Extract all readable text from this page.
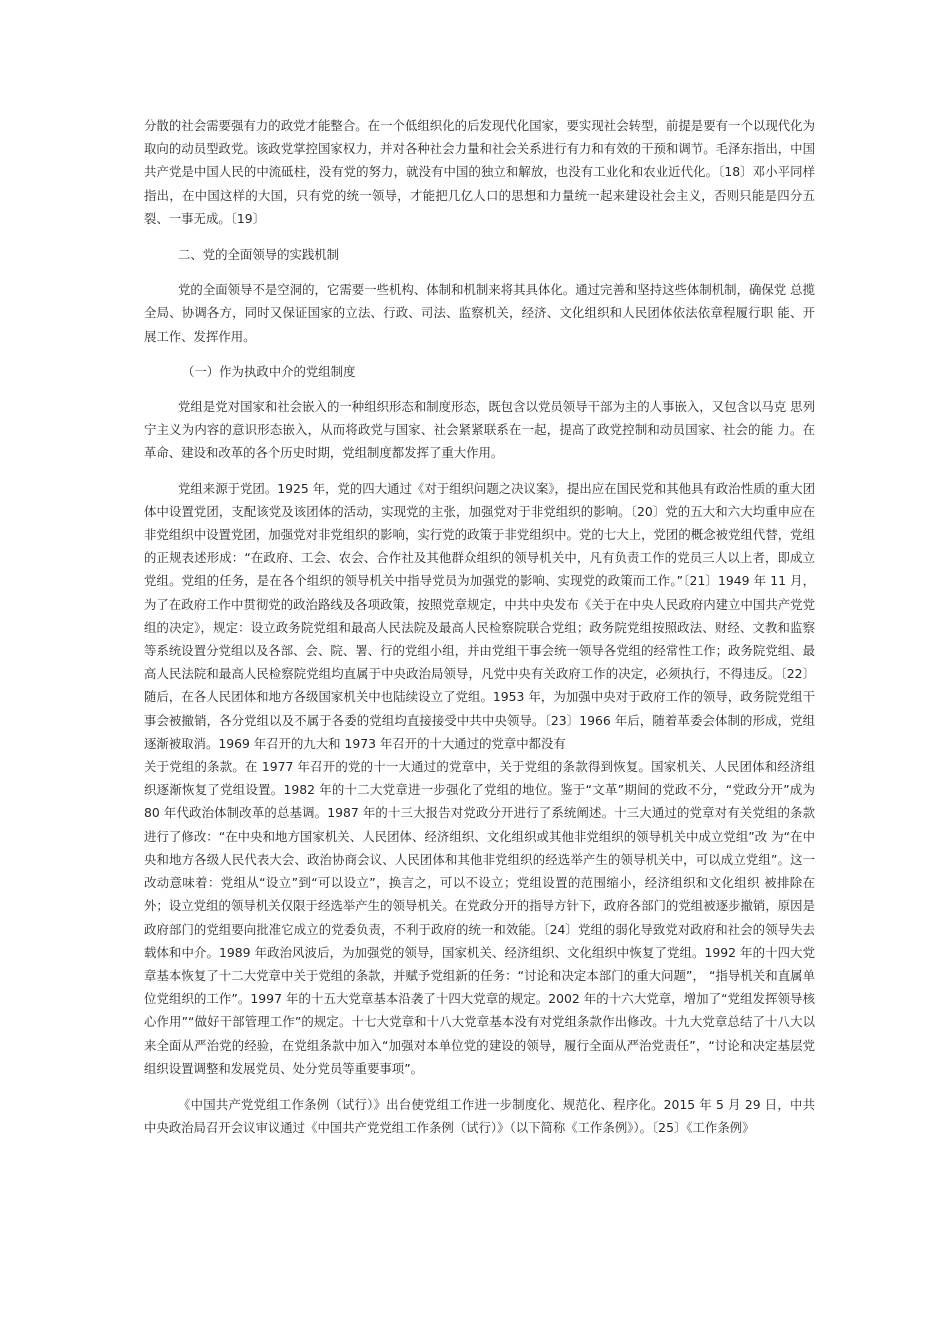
分散的社会需要强有力的政党才能整合。在一个低组织化的后发现代化国家，要实现社会转型，前提是要有一个以现代化为取向的动员型政党。该政党掌控国家权力，并对各种社会力量和社会关系进行有力和有效的干预和调节。毛泽东指出，中国共产党是中国人民的中流砥柱，没有党的努力，就没有中国的独立和解放，也没有工业化和农业近代化。〔18〕邓小平同样指出，在中国这样的大国，只有党的统一领导，才能把几亿人口的思想和力量统一起来建设社会主义，否则只能是四分五裂、一事无成。〔19〕

二、党的全面领导的实践机制

党的全面领导不是空洞的，它需要一些机构、体制和机制来将其具体化。通过完善和坚持这些体制机制，确保党 总揽全局、协调各方，同时又保证国家的立法、行政、司法、监察机关，经济、文化组织和人民团体依法依章程履行职 能、开展工作、发挥作用。

（一）作为执政中介的党组制度

党组是党对国家和社会嵌入的一种组织形态和制度形态，既包含以党员领导干部为主的人事嵌入，又包含以马克 思列宁主义为内容的意识形态嵌入，从而将政党与国家、社会紧紧联系在一起，提高了政党控制和动员国家、社会的能 力。在革命、建设和改革的各个历史时期，党组制度都发挥了重大作用。

党组来源于党团。1925 年，党的四大通过《对于组织问题之决议案》，提出应在国民党和其他具有政治性质的重大团体中设置党团，支配该党及该团体的活动，实现党的主张，加强党对于非党组织的影响。〔20〕党的五大和六大均重申应在非党组织中设置党团，加强党对非党组织的影响，实行党的政策于非党组织中。党的七大上，党团的概念被党组代替，党组的正规表述形成：“在政府、工会、农会、合作社及其他群众组织的领导机关中，凡有负责工作的党员三人以上者，即成立党组。党组的任务，是在各个组织的领导机关中指导党员为加强党的影响、实现党的政策而工作。”〔21〕1949 年 11 月，为了在政府工作中贯彻党的政治路线及各项政策，按照党章规定，中共中央发布《关于在中央人民政府内建立中国共产党党组的决定》，规定：设立政务院党组和最高人民法院及最高人民检察院联合党组；政务院党组按照政法、财经、文教和监察等系统设置分党组以及各部、会、院、署、行的党组小组，并由党组干事会统一领导各党组的经常性工作；政务院党组、最高人民法院和最高人民检察院党组均直属于中央政治局领导，凡党中央有关政府工作的决定，必须执行，不得违反。〔22〕随后，在各人民团体和地方各级国家机关中也陆续设立了党组。1953 年，为加强中央对于政府工作的领导，政务院党组干事会被撤销，各分党组以及不属于各委的党组均直接接受中共中央领导。〔23〕1966 年后，随着革委会体制的形成，党组逐渐被取消。1969 年召开的九大和 1973 年召开的十大通过的党章中都没有

关于党组的条款。在 1977 年召开的党的十一大通过的党章中，关于党组的条款得到恢复。国家机关、人民团体和经济组织逐渐恢复了党组设置。1982 年的十二大党章进一步强化了党组的地位。鉴于“文革”期间的党政不分，“党政分开”成为80 年代政治体制改革的总基调。1987 年的十三大报告对党政分开进行了系统阐述。十三大通过的党章对有关党组的条款进行了修改：“在中央和地方国家机关、人民团体、经济组织、文化组织或其他非党组织的领导机关中成立党组”改 为“在中央和地方各级人民代表大会、政治协商会议、人民团体和其他非党组织的经选举产生的领导机关中，可以成立党组”。这一改动意味着：党组从“设立”到“可以设立”，换言之，可以不设立；党组设置的范围缩小，经济组织和文化组织 被排除在外；设立党组的领导机关仅限于经选举产生的领导机关。在党政分开的指导方针下，政府各部门的党组被逐步撤销，原因是政府部门的党组要向批准它成立的党委负责，不利于政府的统一和效能。〔24〕党组的弱化导致党对政府和社会的领导失去载体和中介。1989 年政治风波后，为加强党的领导，国家机关、经济组织、文化组织中恢复了党组。1992 年的十四大党章基本恢复了十二大党章中关于党组的条款，并赋予党组新的任务：“讨论和决定本部门的重大问题”， “指导机关和直属单位党组织的工作”。1997 年的十五大党章基本沿袭了十四大党章的规定。2002 年的十六大党章，增加了“党组发挥领导核心作用”“做好干部管理工作”的规定。十七大党章和十八大党章基本没有对党组条款作出修改。十九大党章总结了十八大以来全面从严治党的经验，在党组条款中加入“加强对本单位党的建设的领导，履行全面从严治党责任”，“讨论和决定基层党组织设置调整和发展党员、处分党员等重要事项”。

《中国共产党党组工作条例（试行）》出台使党组工作进一步制度化、规范化、程序化。2015 年 5 月 29 日，中共中央政治局召开会议审议通过《中国共产党党组工作条例（试行）》（以下简称《工作条例》）。〔25〕《工作条例》
